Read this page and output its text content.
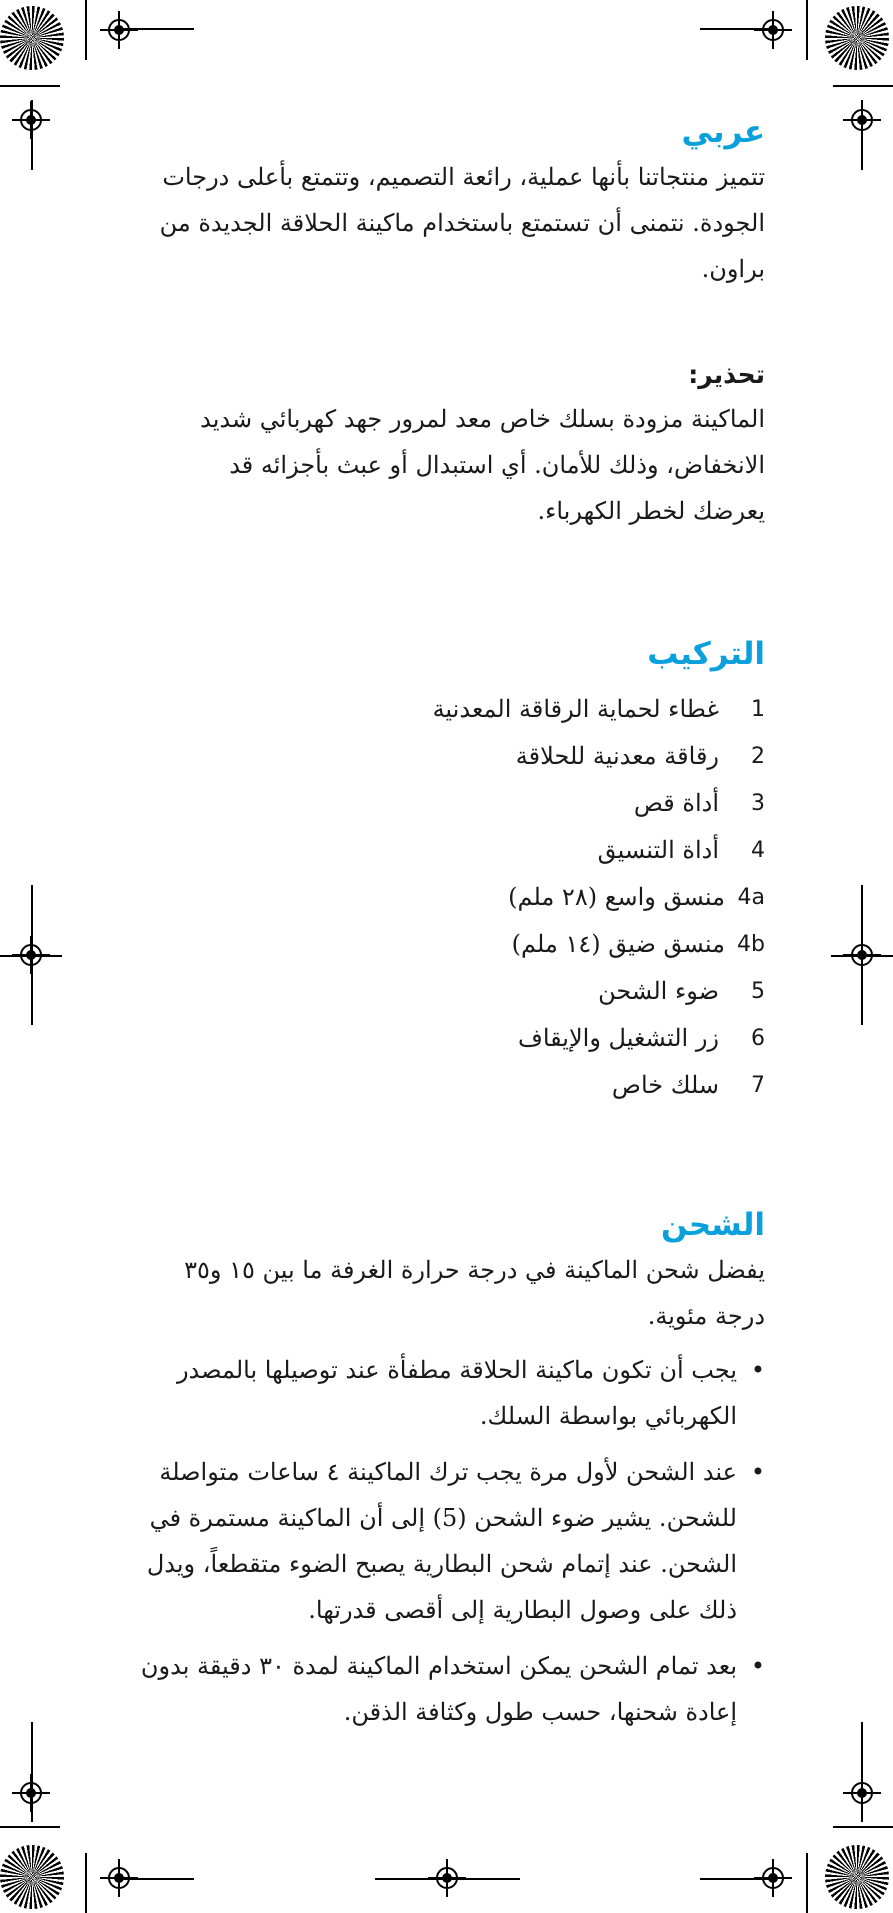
عربي

تتميز منتجاتنا بأنها عملية، رائعة التصميم، وتتمتع بأعلى درجات الجودة. نتمنى أن تستمتع باستخدام ماكينة الحلاقة الجديدة من براون.

تحذير:

الماكينة مزودة بسلك خاص معد لمرور جهد كهربائي شديد الانخفاض، وذلك للأمان. أي استبدال أو عبث بأجزائه قد يعرضك لخطر الكهرباء.

التركيب
1
غطاء لحماية الرقاقة المعدنية
2
رقاقة معدنية للحلاقة
3
أداة قص
4
أداة التنسيق
4a
منسق واسع (٢٨ ملم)
4b
منسق ضيق (١٤ ملم)
5
ضوء الشحن
6
زر التشغيل والإيقاف
7
سلك خاص
الشحن

يفضل شحن الماكينة في درجة حرارة الغرفة ما بين ١٥ و٣٥ درجة مئوية.

•
يجب أن تكون ماكينة الحلاقة مطفأة عند توصيلها بالمصدر الكهربائي بواسطة السلك.
•
عند الشحن لأول مرة يجب ترك الماكينة ٤ ساعات متواصلة للشحن. يشير ضوء الشحن (5) إلى أن الماكينة مستمرة في الشحن. عند إتمام شحن البطارية يصبح الضوء متقطعاً، ويدل ذلك على وصول البطارية إلى أقصى قدرتها.
•
بعد تمام الشحن يمكن استخدام الماكينة لمدة ٣٠ دقيقة بدون إعادة شحنها، حسب طول وكثافة الذقن.
